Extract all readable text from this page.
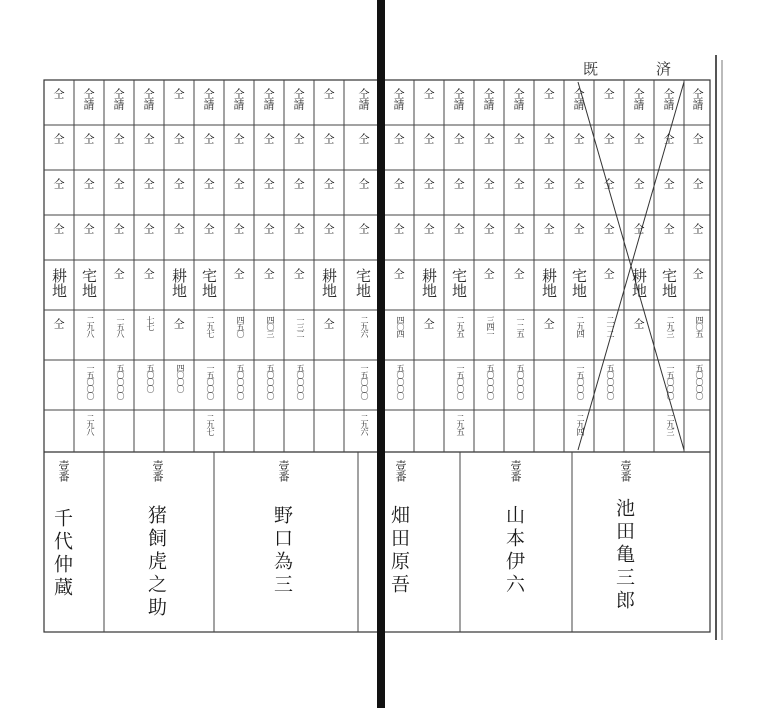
既	済
仝
仝
仝
仝
耕地
仝
仝請
仝
仝
仝
宅地
二九八
一五〇〇〇
二九八
仝請
仝
仝
仝
仝
一五八
五〇〇〇〇
仝請
仝
仝
仝
仝
七七
五〇〇〇
仝
仝
仝
仝
耕地
仝
四〇〇〇
仝請
仝
仝
仝
宅地
二九七
一五〇〇〇
二九七
仝請
仝
仝
仝
仝
四五〇
五〇〇〇〇
仝請
仝
仝
仝
仝
四〇三
五〇〇〇〇
仝請
仝
仝
仝
仝
一三二
五〇〇〇〇
仝
仝
仝
仝
耕地
仝
仝請
仝
仝
仝
宅地
二九六
一五〇〇〇
二九六
仝請
仝
仝
仝
仝
四〇四
五〇〇〇〇
仝
仝
仝
仝
耕地
仝
仝請
仝
仝
仝
宅地
二九五
一五〇〇〇
二九五
仝請
仝
仝
仝
仝
三四一
五〇〇〇〇
仝請
仝
仝
仝
仝
一二五
五〇〇〇〇
仝
仝
仝
仝
耕地
仝
仝請
仝
仝
仝
宅地
二九四
一五〇〇〇
二九四
仝
仝
仝
仝
仝
二一二
五〇〇〇〇
仝請
仝
仝
仝
耕地
仝
仝請
仝
仝
仝
宅地
二九三
一五〇〇〇
二九三
仝請
仝
仝
仝
仝
四〇五
五〇〇〇〇
壹番
千代仲蔵
壹番
猪飼虎之助
壹番
野口為三
壹番
畑田原吾
壹番
山本伊六
壹番
池田亀三郎
